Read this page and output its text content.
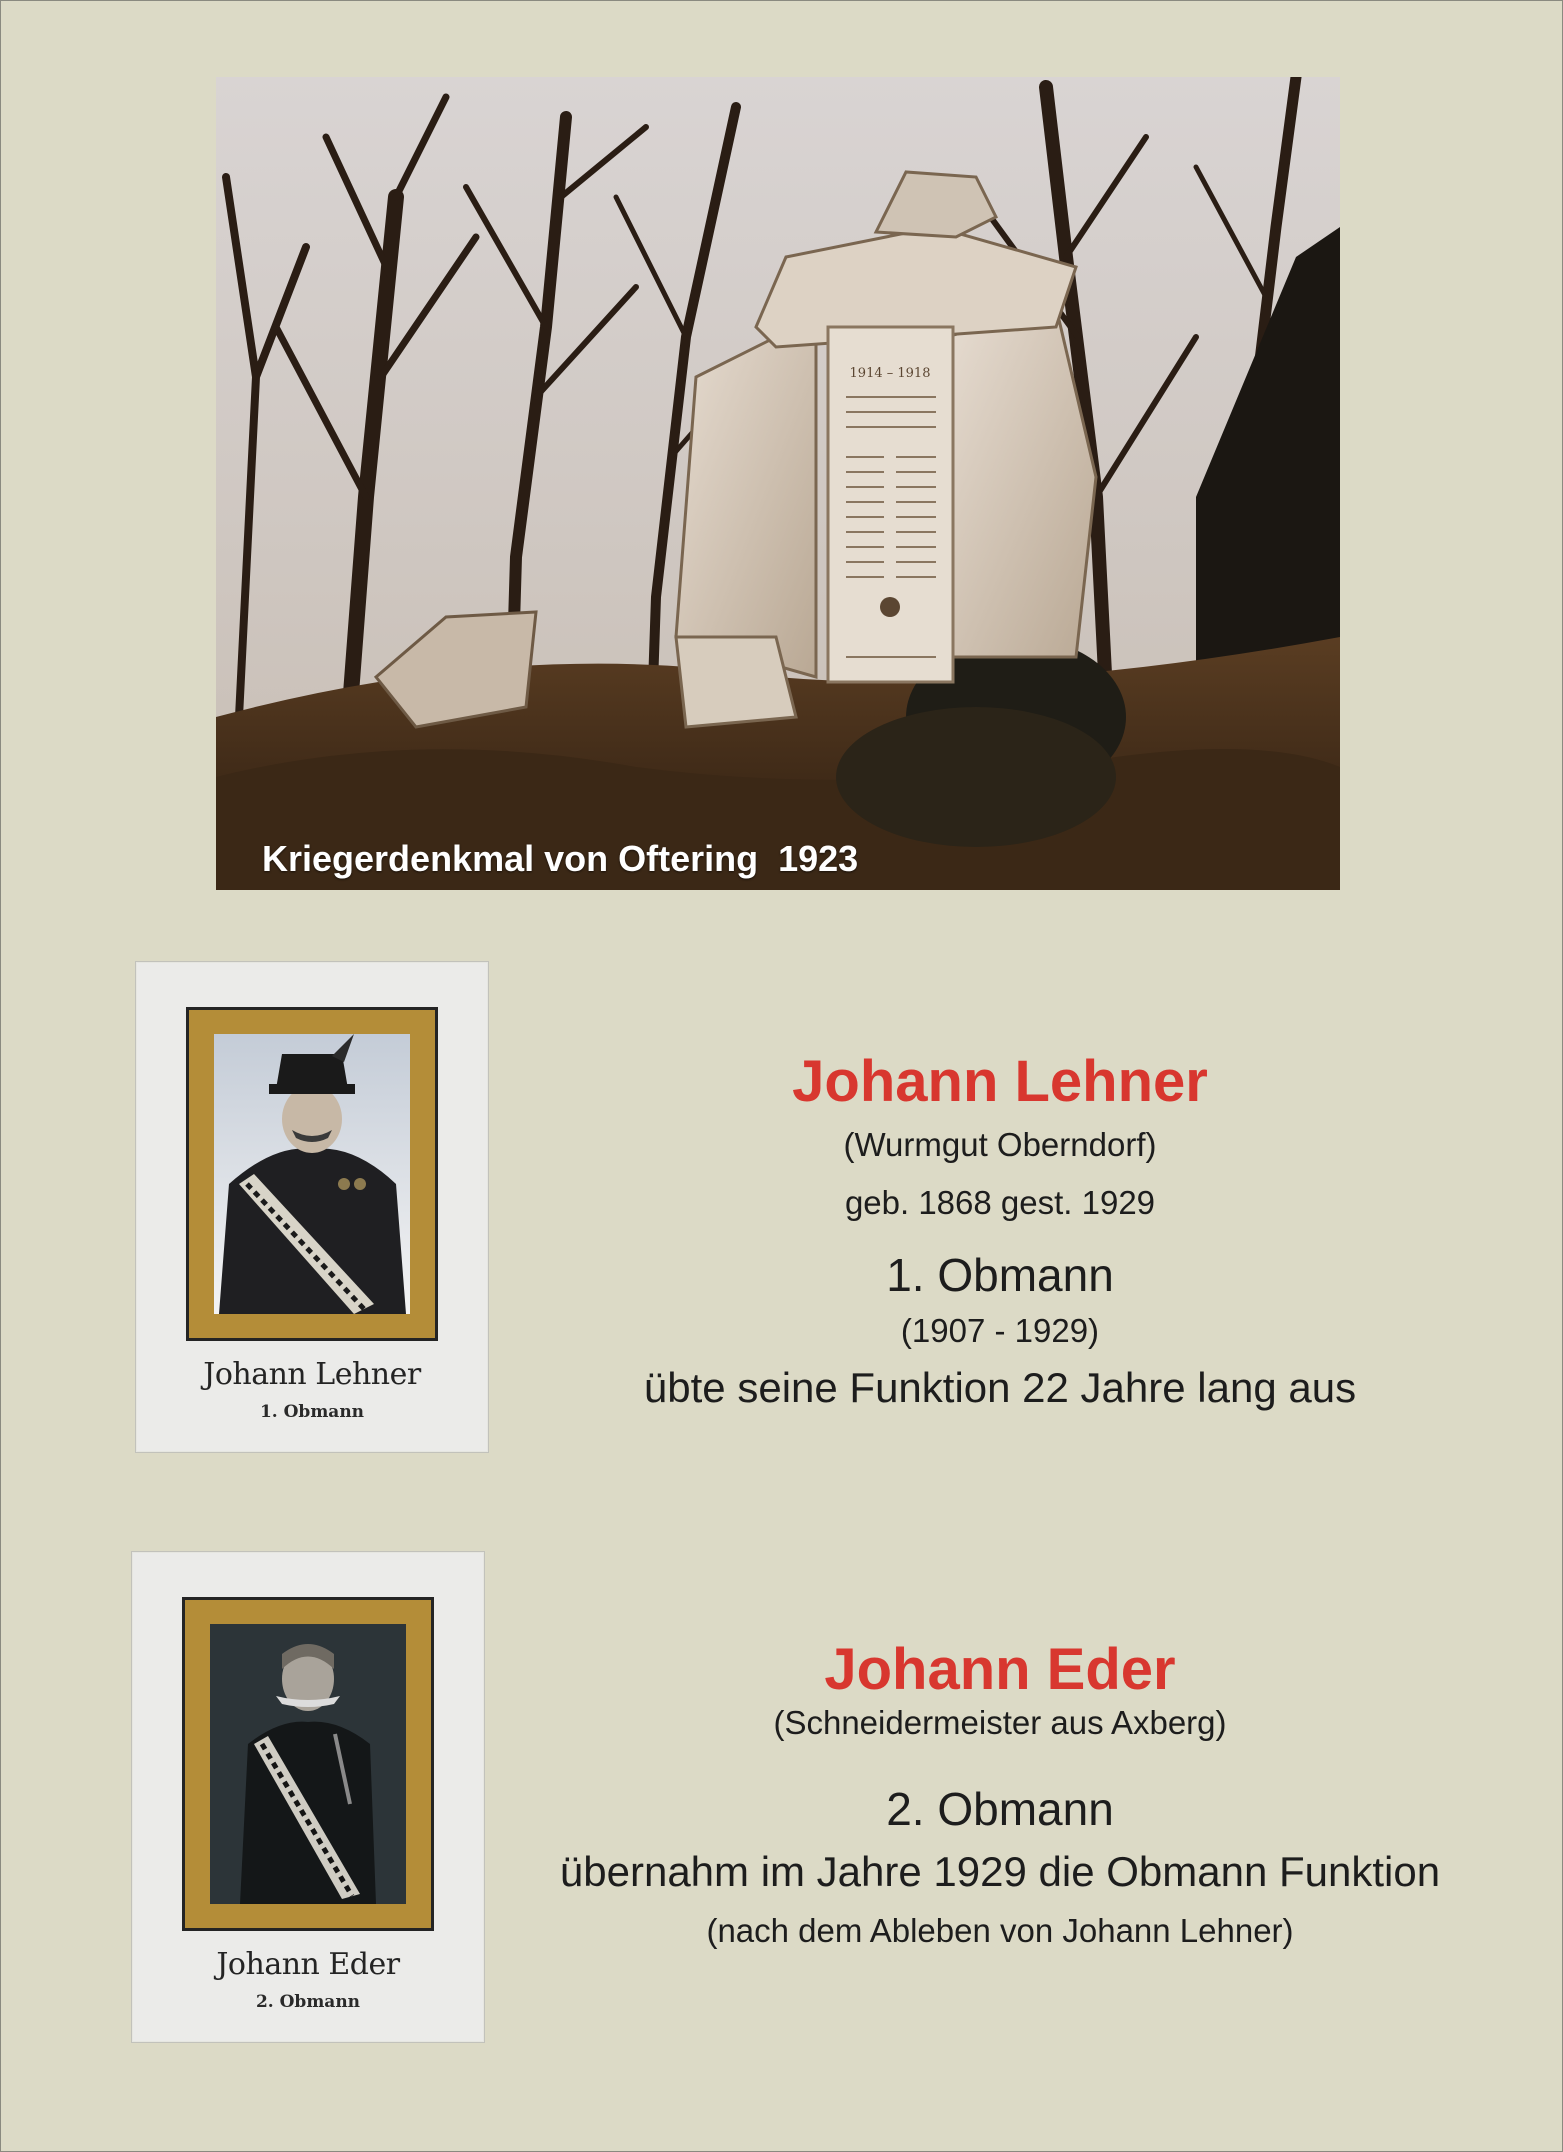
1914 – 1918
Kriegerdenkmal von Oftering  1923
Johann Lehner
1. Obmann
Johann Eder
2. Obmann
Johann Lehner
(Wurmgut Oberndorf)
geb. 1868 gest. 1929
1. Obmann
(1907 - 1929)
übte seine Funktion 22 Jahre lang aus
Johann Eder
(Schneidermeister aus Axberg)
2. Obmann
übernahm im Jahre 1929 die Obmann Funktion
(nach dem Ableben von Johann Lehner)
